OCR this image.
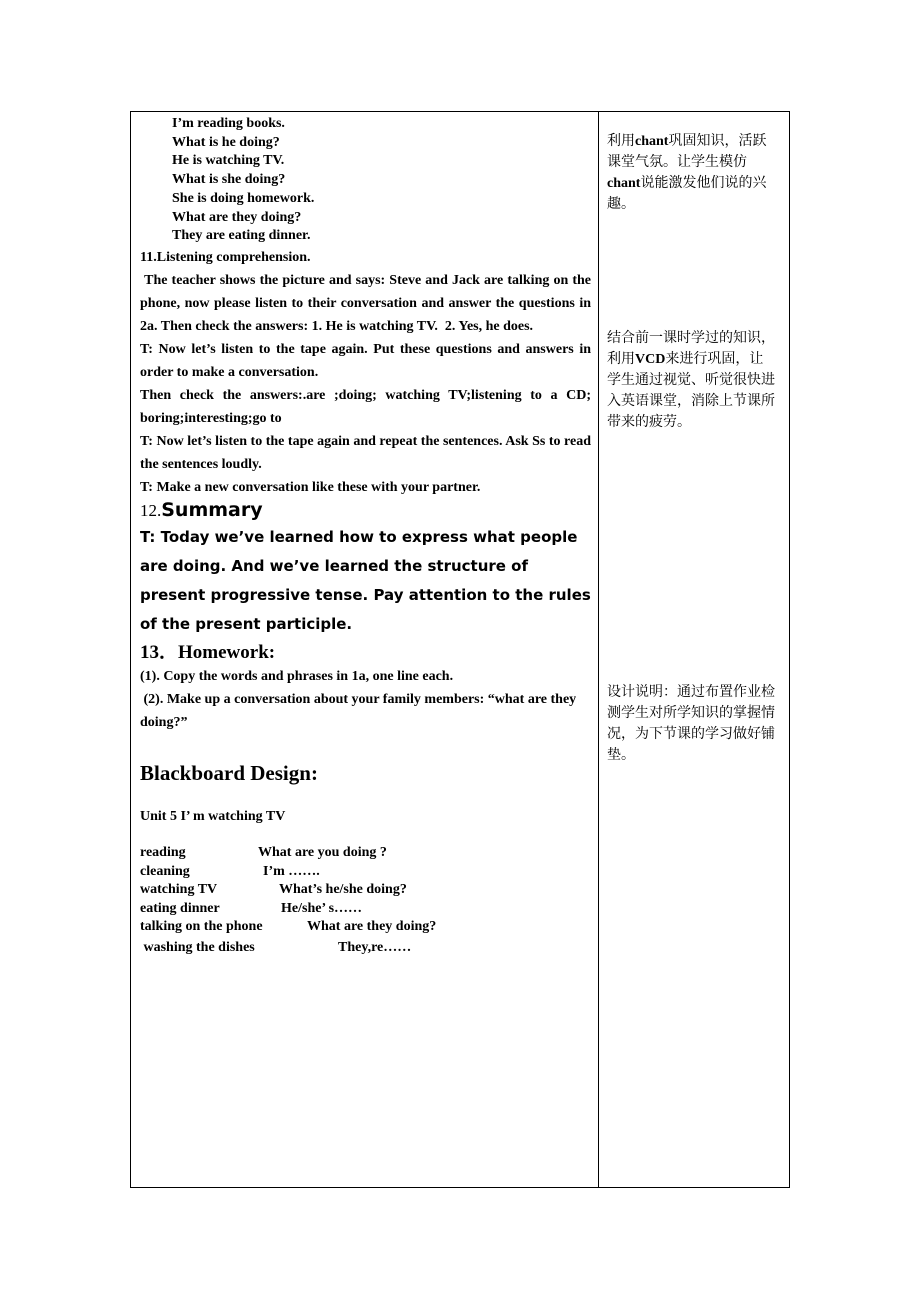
I’m reading books.
What is he doing?
He is watching TV.
What is she doing?
She is doing homework.
What are they doing?
They are eating dinner.
11.Listening comprehension.
The teacher shows the picture and says: Steve and Jack are talking on the phone, now please listen to their conversation and answer the questions in 2a. Then check the answers: 1. He is watching TV.  2. Yes, he does.
T: Now let’s listen to the tape again. Put these questions and answers in order to make a conversation.
Then check the answers:.are ;doing; watching TV;listening to a CD; boring;interesting;go to
T: Now let’s listen to the tape again and repeat the sentences. Ask Ss to read the sentences loudly.
T: Make a new conversation like these with your partner.
12.Summary
T: Today we’ve learned how to express what people are doing. And we’ve learned the structure of present progressive tense. Pay attention to the rules of the present participle.
13．Homework:
(1). Copy the words and phrases in 1a, one line each.
(2). Make up a conversation about your family members: “what are they doing?”
Blackboard Design:
Unit 5 I’ m watching TV
reading	What are you doing ?
cleaning	I’m …….
watching TV	What’s he/she doing?
eating dinner	He/she’ s……
talking on the phone	What are they doing?
washing the dishes	They,re……
利用chant巩固知识，活跃课堂气氛。让学生模仿chant说能激发他们说的兴趣。
结合前一课时学过的知识，利用VCD来进行巩固，让学生通过视觉、听觉很快进入英语课堂，消除上节课所带来的疲劳。
设计说明：通过布置作业检测学生对所学知识的掌握情况，为下节课的学习做好铺垫。
